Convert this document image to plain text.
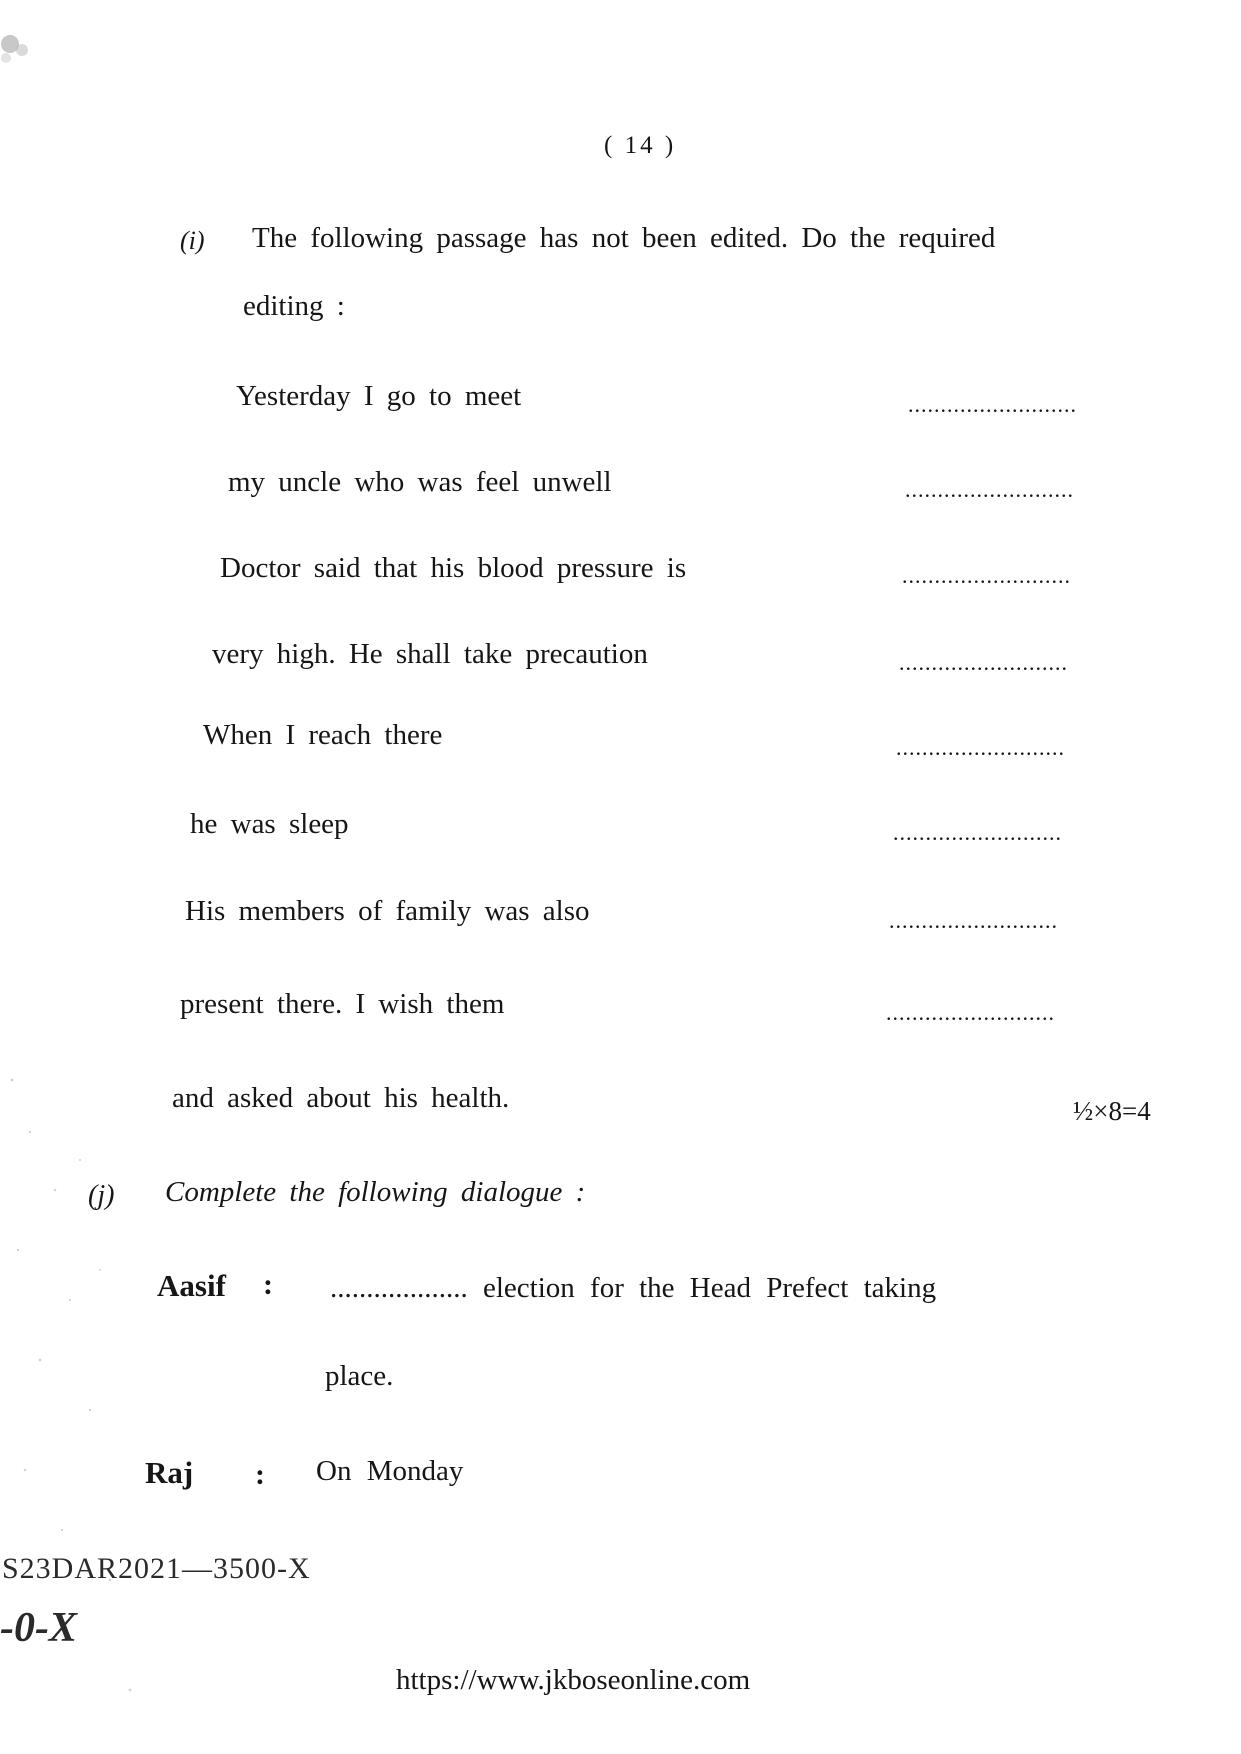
( 14 )
(i) The following passage has not been edited. Do the required
editing :
Yesterday I go to meet	..........................
my uncle who was feel unwell	..........................
Doctor said that his blood pressure is	..........................
very high. He shall take precaution	..........................
When I reach there	..........................
he was sleep	..........................
His members of family was also	..........................
present there. I wish them	..........................
and asked about his health.	½×8=4
(j) Complete the following dialogue :
Aasif : ................... election for the Head Prefect taking
place.
Raj : On Monday
S23DAR2021—3500-X
-0-X
https://www.jkboseonline.com
